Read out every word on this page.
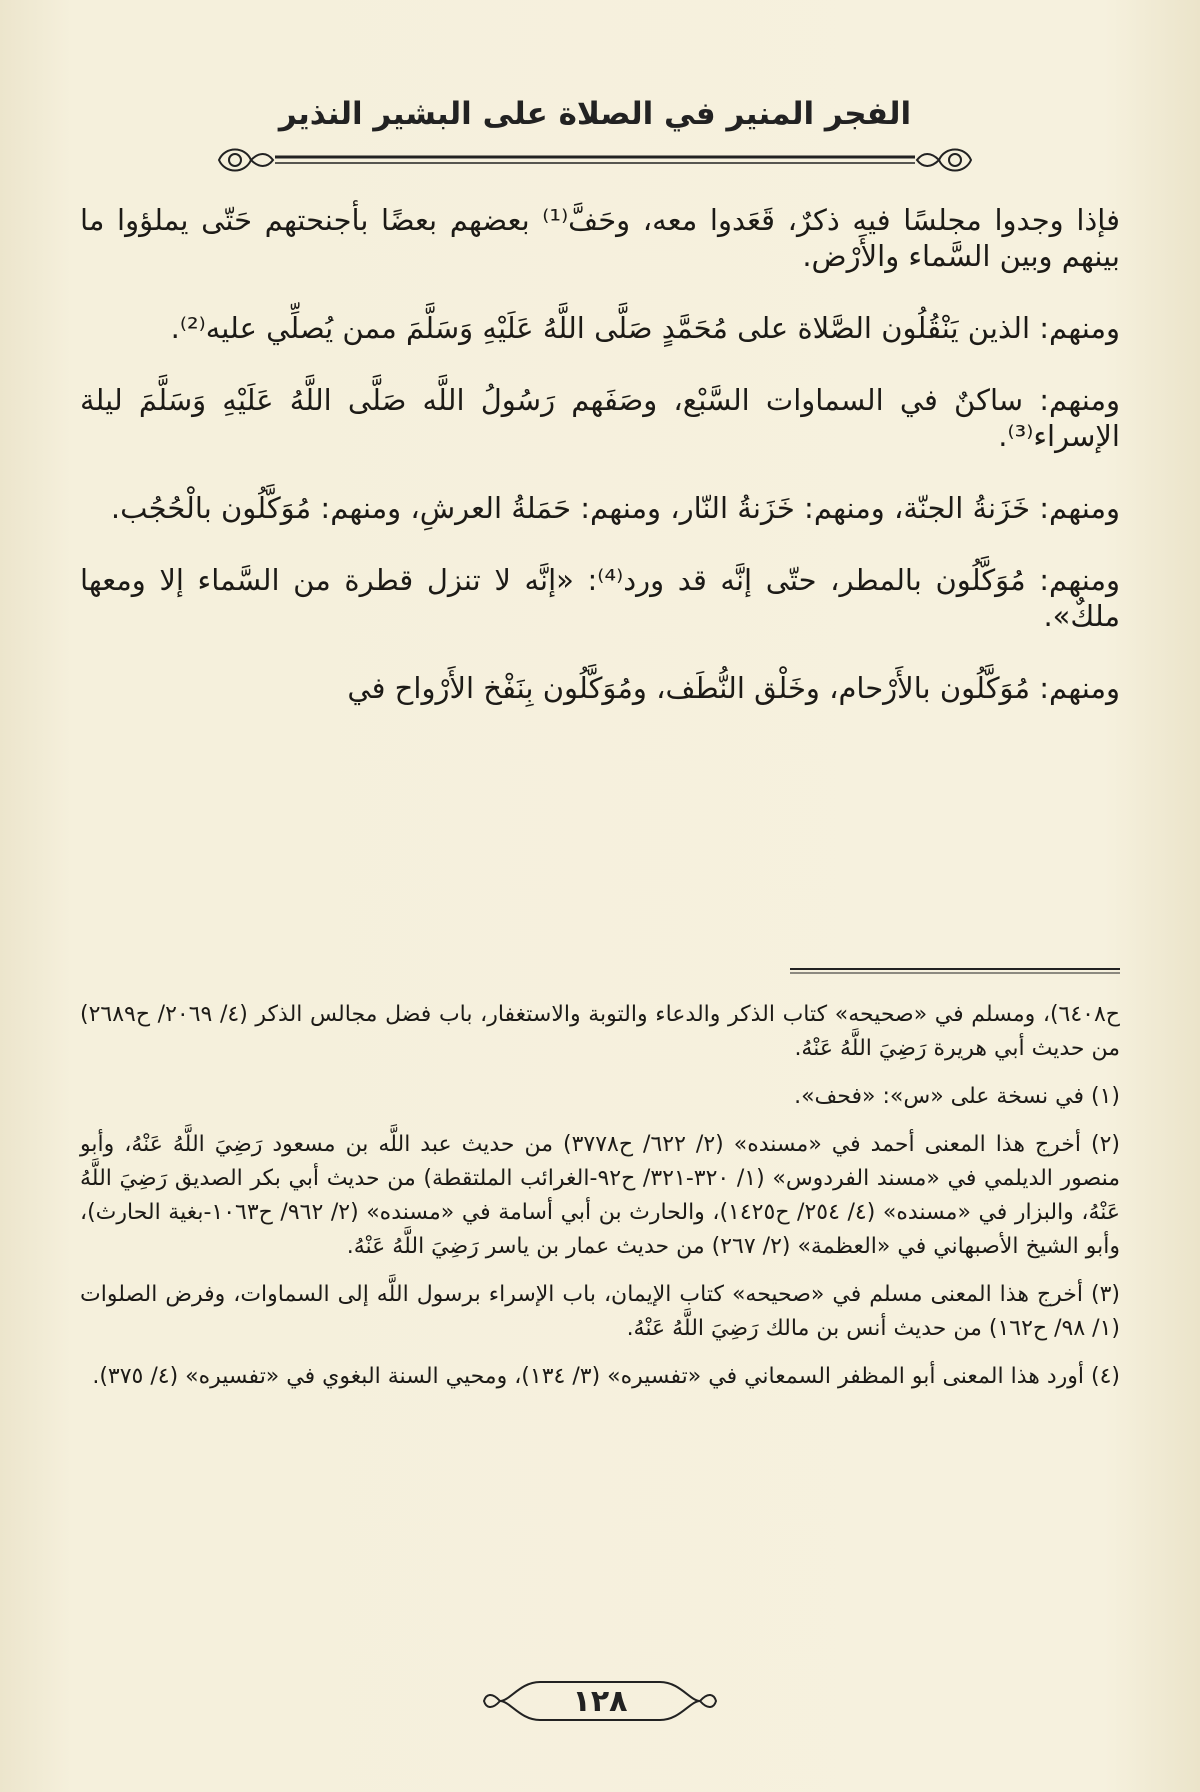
الفجر المنير في الصلاة على البشير النذير

فإذا وجدوا مجلسًا فيه ذكرٌ، قَعَدوا معه، وحَفَّ⁽¹⁾ بعضهم بعضًا بأجنحتهم حَتّى يملؤوا ما بينهم وبين السَّماء والأَرْض.

ومنهم: الذين يَنْقُلُون الصَّلاة على مُحَمَّدٍ صَلَّى اللَّهُ عَلَيْهِ وَسَلَّمَ ممن يُصلِّي عليه⁽²⁾.

ومنهم: ساكنٌ في السماوات السَّبْع، وصَفَهم رَسُولُ اللَّه صَلَّى اللَّهُ عَلَيْهِ وَسَلَّمَ ليلة الإسراء⁽³⁾.

ومنهم: خَزَنةُ الجنّة، ومنهم: خَزَنةُ النّار، ومنهم: حَمَلةُ العرشِ، ومنهم: مُوَكَّلُون بالْحُجُب.

ومنهم: مُوَكَّلُون بالمطر، حتّى إنَّه قد ورد⁽⁴⁾: «إنَّه لا تنزل قطرة من السَّماء إلا ومعها ملكٌ».

ومنهم: مُوَكَّلُون بالأَرْحام، وخَلْق النُّطَف، ومُوَكَّلُون بِنَفْخ الأَرْواح في

ح٦٤٠٨)، ومسلم في «صحيحه» كتاب الذكر والدعاء والتوبة والاستغفار، باب فضل مجالس الذكر (٤/ ٢٠٦٩/ ح٢٦٨٩) من حديث أبي هريرة رَضِيَ اللَّهُ عَنْهُ.

(١) في نسخة على «س»: «فحف».

(٢) أخرج هذا المعنى أحمد في «مسنده» (٢/ ٦٢٢/ ح٣٧٧٨) من حديث عبد اللَّه بن مسعود رَضِيَ اللَّهُ عَنْهُ، وأبو منصور الديلمي في «مسند الفردوس» (١/ ٣٢٠-٣٢١/ ح٩٢-الغرائب الملتقطة) من حديث أبي بكر الصديق رَضِيَ اللَّهُ عَنْهُ، والبزار في «مسنده» (٤/ ٢٥٤/ ح١٤٢٥)، والحارث بن أبي أسامة في «مسنده» (٢/ ٩٦٢/ ح١٠٦٣-بغية الحارث)، وأبو الشيخ الأصبهاني في «العظمة» (٢/ ٢٦٧) من حديث عمار بن ياسر رَضِيَ اللَّهُ عَنْهُ.

(٣) أخرج هذا المعنى مسلم في «صحيحه» كتاب الإيمان، باب الإسراء برسول اللَّه إلى السماوات، وفرض الصلوات (١/ ٩٨/ ح١٦٢) من حديث أنس بن مالك رَضِيَ اللَّهُ عَنْهُ.

(٤) أورد هذا المعنى أبو المظفر السمعاني في «تفسيره» (٣/ ١٣٤)، ومحيي السنة البغوي في «تفسيره» (٤/ ٣٧٥).

١٢٨
